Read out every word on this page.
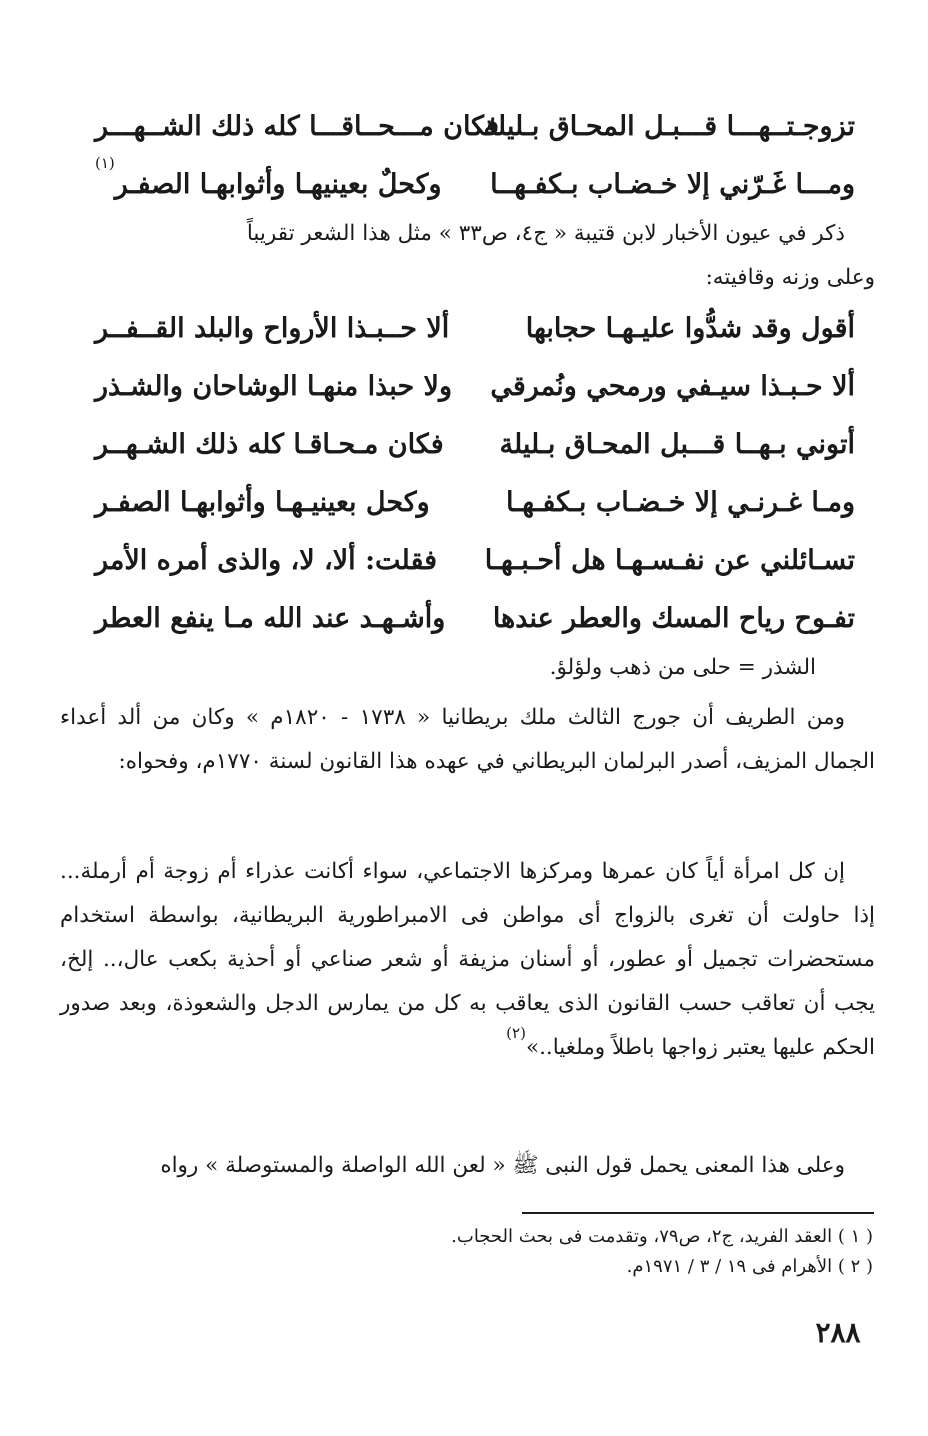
تزوجـتــهـــا قـــبـل المحـاق بـليلة
فكان مـــحــاقـــا كله ذلك الشــهـــر
ومـــا غَـرّني إلا خـضـاب بـكفـهــا
وكحلٌ بعينيهـا وأثوابهـا الصفـر$^{(١)}$

ذكر في عيون الأخبار لابن قتيبة « ج٤، ص٣٣ » مثل هذا الشعر تقريباً
وعلى وزنه وقافيته:

أقول وقد شدُّوا عليـهـا حجابها
ألا حــبـذا الأرواح والبلد القــفــر
ألا حـبـذا سيـفي ورمحي ونُمرقي
ولا حبذا منهـا الوشاحان والشـذر
أتوني بـهــا قـــبل المحـاق بـليلة
فكان مـحـاقـا كله ذلك الشـهــر
ومـا غـرنـي إلا خـضـاب بـكفـهـا
وكحل بعينيـهـا وأثوابهـا الصفـر
تسـائلني عن نفـسـهـا هل أحـبـهـا
فقلت: ألا، لا، والذى أمره الأمر
تفـوح رياح المسك والعطر عندها
وأشـهـد عند الله مـا ينفع العطر
الشذر = حلى من ذهب ولؤلؤ.

ومن الطريف أن جورج الثالث ملك بريطانيا « ١٧٣٨ - ١٨٢٠م » وكان من ألد أعداء الجمال المزيف، أصدر البرلمان البريطاني في عهده هذا القانون لسنة ١٧٧٠م، وفحواه:

إن كل امرأة أياً كان عمرها ومركزها الاجتماعي، سواء أكانت عذراء أم زوجة أم أرملة... إذا حاولت أن تغرى بالزواج أى مواطن فى الامبراطورية البريطانية، بواسطة استخدام مستحضرات تجميل أو عطور، أو أسنان مزيفة أو شعر صناعي أو أحذية بكعب عال،.. إلخ، يجب أن تعاقب حسب القانون الذى يعاقب به كل من يمارس الدجل والشعوذة، وبعد صدور الحكم عليها يعتبر زواجها باطلاً وملغيا..»$^{(٢)}$

وعلى هذا المعنى يحمل قول النبى ﷺ « لعن الله الواصلة والمستوصلة » رواه

( ١ ) العقد الفريد، ج٢، ص٧٩، وتقدمت فى بحث الحجاب.
( ٢ ) الأهرام فى ١٩ / ٣ / ١٩٧١م.
٢٨٨
